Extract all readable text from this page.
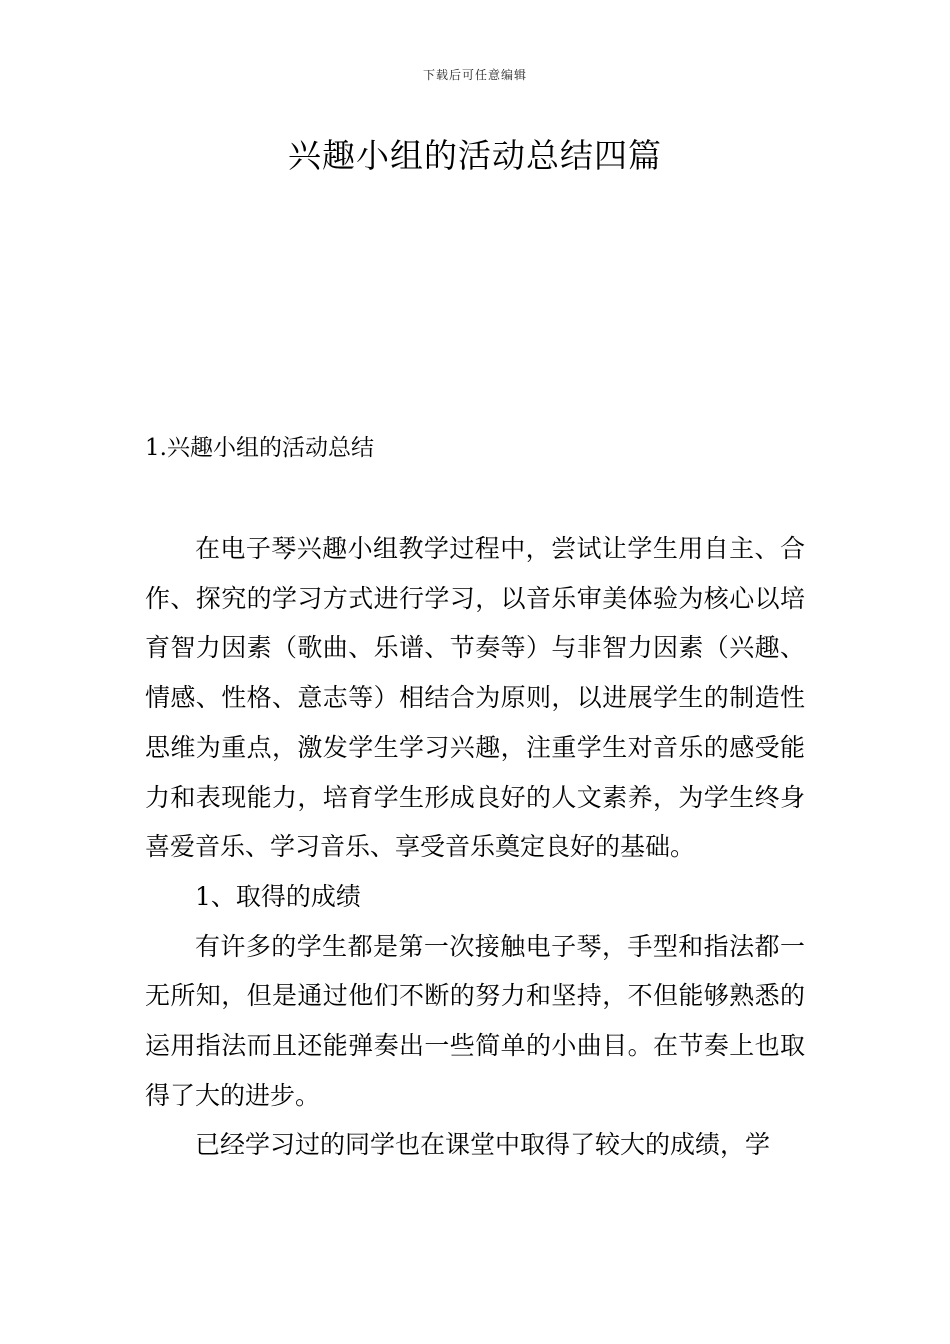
下载后可任意编辑
兴趣小组的活动总结四篇
1.兴趣小组的活动总结

在电子琴兴趣小组教学过程中，尝试让学生用自主、合作、探究的学习方式进行学习，以音乐审美体验为核心以培育智力因素（歌曲、乐谱、节奏等）与非智力因素（兴趣、情感、性格、意志等）相结合为原则，以进展学生的制造性思维为重点，激发学生学习兴趣，注重学生对音乐的感受能力和表现能力，培育学生形成良好的人文素养，为学生终身喜爱音乐、学习音乐、享受音乐奠定良好的基础。

1、取得的成绩

有许多的学生都是第一次接触电子琴，手型和指法都一无所知，但是通过他们不断的努力和坚持，不但能够熟悉的运用指法而且还能弹奏出一些简单的小曲目。在节奏上也取得了大的进步。

已经学习过的同学也在课堂中取得了较大的成绩，学
